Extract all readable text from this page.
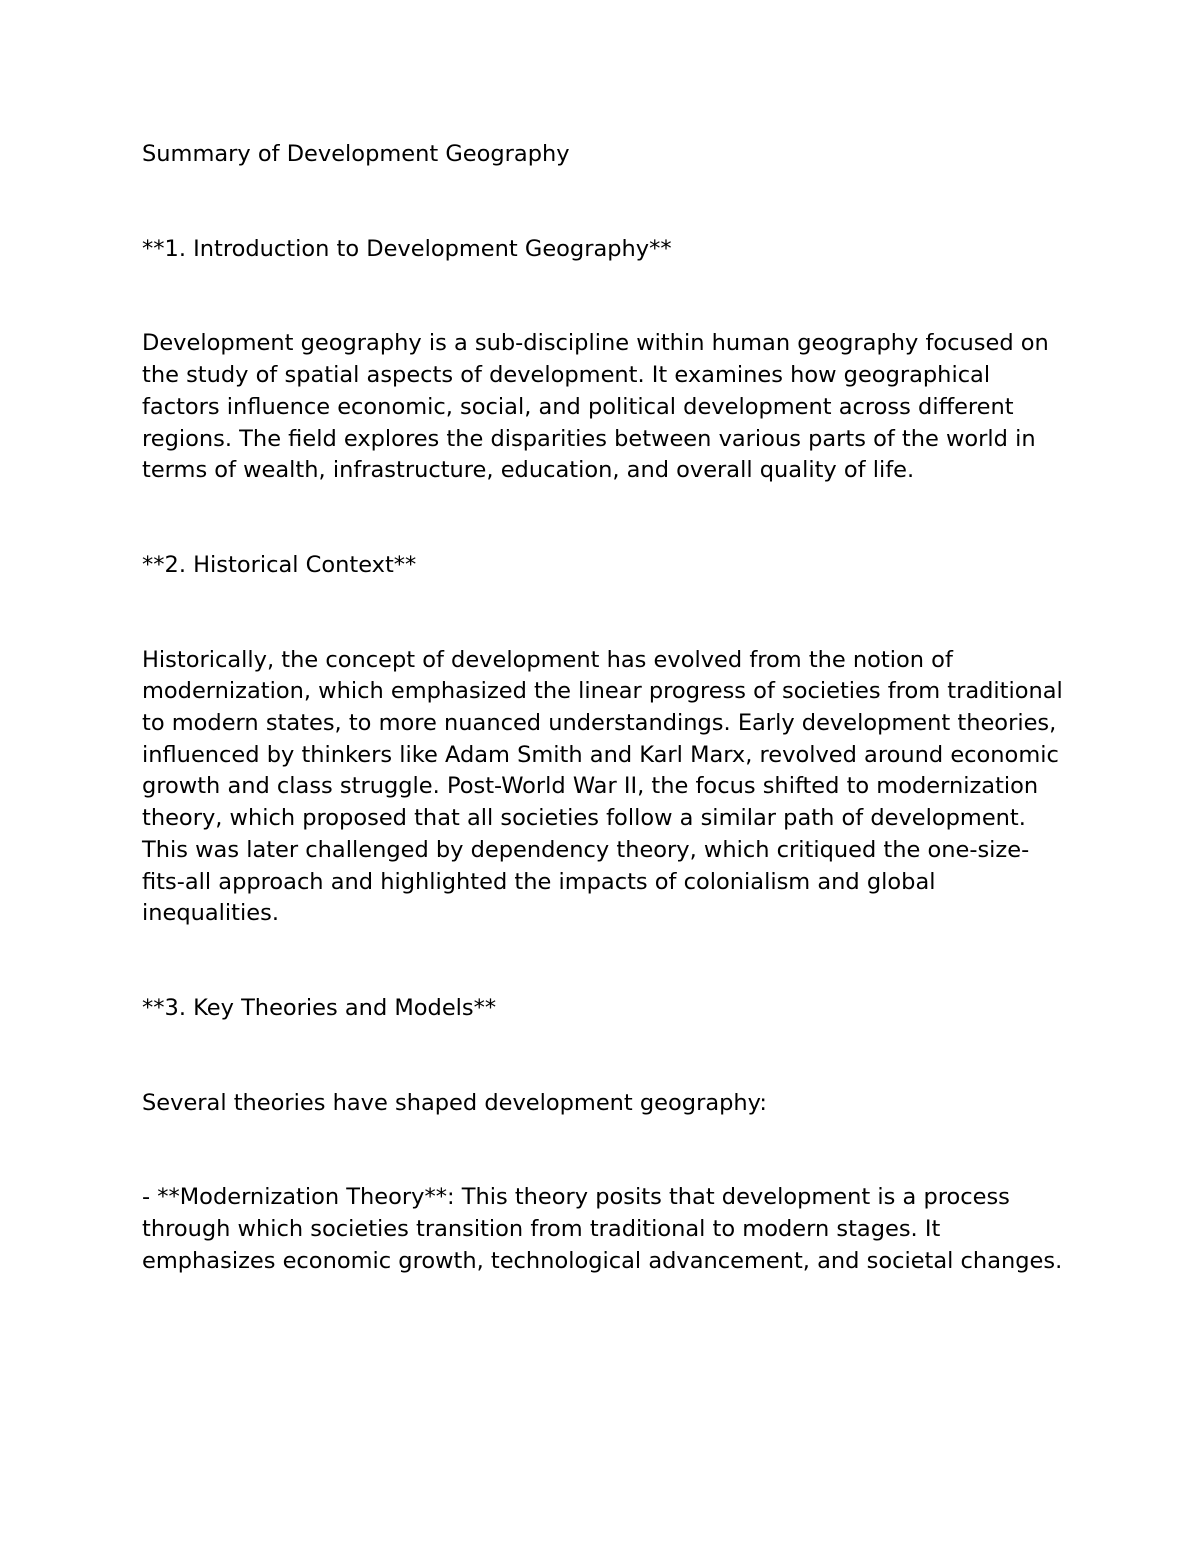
Summary of Development Geography

**1. Introduction to Development Geography**

Development geography is a sub-discipline within human geography focused on the study of spatial aspects of development. It examines how geographical factors influence economic, social, and political development across different regions. The field explores the disparities between various parts of the world in terms of wealth, infrastructure, education, and overall quality of life.

**2. Historical Context**

Historically, the concept of development has evolved from the notion of modernization, which emphasized the linear progress of societies from traditional to modern states, to more nuanced understandings. Early development theories, influenced by thinkers like Adam Smith and Karl Marx, revolved around economic growth and class struggle. Post-World War II, the focus shifted to modernization theory, which proposed that all societies follow a similar path of development. This was later challenged by dependency theory, which critiqued the one-size-fits-all approach and highlighted the impacts of colonialism and global inequalities.

**3. Key Theories and Models**

Several theories have shaped development geography:

- **Modernization Theory**: This theory posits that development is a process through which societies transition from traditional to modern stages. It emphasizes economic growth, technological advancement, and societal changes.
